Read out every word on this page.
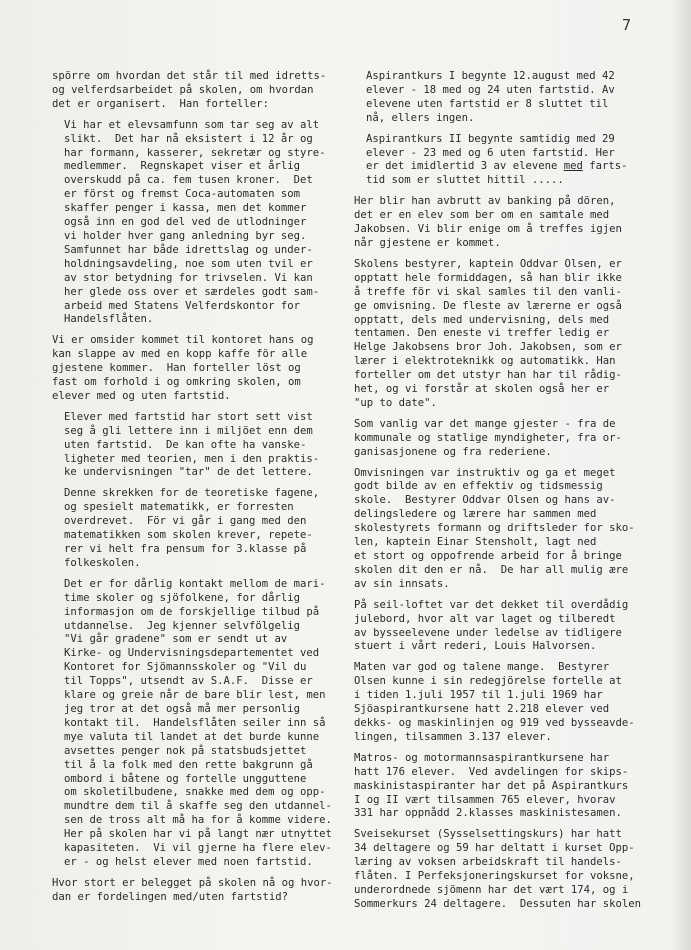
7

spörre om hvordan det står til med idretts-
og velferdsarbeidet på skolen, om hvordan
det er organisert.  Han forteller:

Vi har et elevsamfunn som tar seg av alt
slikt.  Det har nå eksistert i 12 år og
har formann, kasserer, sekretær og styre-
medlemmer.  Regnskapet viser et årlig
overskudd på ca. fem tusen kroner.  Det
er först og fremst Coca-automaten som
skaffer penger i kassa, men det kommer
også inn en god del ved de utlodninger
vi holder hver gang anledning byr seg.
Samfunnet har både idrettslag og under-
holdningsavdeling, noe som uten tvil er
av stor betydning for trivselen. Vi kan
her glede oss over et særdeles godt sam-
arbeid med Statens Velferdskontor for
Handelsflåten.

Vi er omsider kommet til kontoret hans og
kan slappe av med en kopp kaffe för alle
gjestene kommer.  Han forteller löst og
fast om forhold i og omkring skolen, om
elever med og uten fartstid.

Elever med fartstid har stort sett vist
seg å gli lettere inn i miljöet enn dem
uten fartstid.  De kan ofte ha vanske-
ligheter med teorien, men i den praktis-
ke undervisningen "tar" de det lettere.

Denne skrekken for de teoretiske fagene,
og spesielt matematikk, er forresten
overdrevet.  För vi går i gang med den
matematikken som skolen krever, repete-
rer vi helt fra pensum for 3.klasse på
folkeskolen.

Det er for dårlig kontakt mellom de mari-
time skoler og sjöfolkene, for dårlig
informasjon om de forskjellige tilbud på
utdannelse.  Jeg kjenner selvfölgelig
"Vi går gradene" som er sendt ut av
Kirke- og Undervisningsdepartementet ved
Kontoret for Sjömannsskoler og "Vil du
til Topps", utsendt av S.A.F.  Disse er
klare og greie når de bare blir lest, men
jeg tror at det også må mer personlig
kontakt til.  Handelsflåten seiler inn så
mye valuta til landet at det burde kunne
avsettes penger nok på statsbudsjettet
til å la folk med den rette bakgrunn gå
ombord i båtene og fortelle ungguttene
om skoletilbudene, snakke med dem og opp-
mundtre dem til å skaffe seg den utdannel-
sen de tross alt må ha for å komme videre.
Her på skolen har vi på langt nær utnyttet
kapasiteten.  Vi vil gjerne ha flere elev-
er - og helst elever med noen fartstid.

Hvor stort er belegget på skolen nå og hvor-
dan er fordelingen med/uten fartstid?

Aspirantkurs I begynte 12.august med 42
elever - 18 med og 24 uten fartstid. Av
elevene uten fartstid er 8 sluttet til
nå, ellers ingen.

Aspirantkurs II begynte samtidig med 29
elever - 23 med og 6 uten fartstid. Her
er det imidlertid 3 av elevene med farts-
tid som er sluttet hittil .....

Her blir han avbrutt av banking på dören,
det er en elev som ber om en samtale med
Jakobsen. Vi blir enige om å treffes igjen
når gjestene er kommet.

Skolens bestyrer, kaptein Oddvar Olsen, er
opptatt hele formiddagen, så han blir ikke
å treffe för vi skal samles til den vanli-
ge omvisning. De fleste av lærerne er også
opptatt, dels med undervisning, dels med
tentamen. Den eneste vi treffer ledig er
Helge Jakobsens bror Joh. Jakobsen, som er
lærer i elektroteknikk og automatikk. Han
forteller om det utstyr han har til rådig-
het, og vi forstår at skolen også her er
"up to date".

Som vanlig var det mange gjester - fra de
kommunale og statlige myndigheter, fra or-
ganisasjonene og fra rederiene.

Omvisningen var instruktiv og ga et meget
godt bilde av en effektiv og tidsmessig
skole.  Bestyrer Oddvar Olsen og hans av-
delingsledere og lærere har sammen med
skolestyrets formann og driftsleder for sko-
len, kaptein Einar Stensholt, lagt ned
et stort og oppofrende arbeid for å bringe
skolen dit den er nå.  De har all mulig ære
av sin innsats.

På seil-loftet var det dekket til overdådig
julebord, hvor alt var laget og tilberedt
av bysseelevene under ledelse av tidligere
stuert i vårt rederi, Louis Halvorsen.

Maten var god og talene mange.  Bestyrer
Olsen kunne i sin redegjörelse fortelle at
i tiden 1.juli 1957 til 1.juli 1969 har
Sjöaspirantkursene hatt 2.218 elever ved
dekks- og maskinlinjen og 919 ved bysseavde-
lingen, tilsammen 3.137 elever.

Matros- og motormannsaspirantkursene har
hatt 176 elever.  Ved avdelingen for skips-
maskinistaspiranter har det på Aspirantkurs
I og II vært tilsammen 765 elever, hvorav
331 har oppnådd 2.klasses maskinistesamen.

Sveisekurset (Sysselsettingskurs) har hatt
34 deltagere og 59 har deltatt i kurset Opp-
læring av voksen arbeidskraft til handels-
flåten. I Perfeksjoneringskurset for voksne,
underordnede sjömenn har det vært 174, og i
Sommerkurs 24 deltagere.  Dessuten har skolen
